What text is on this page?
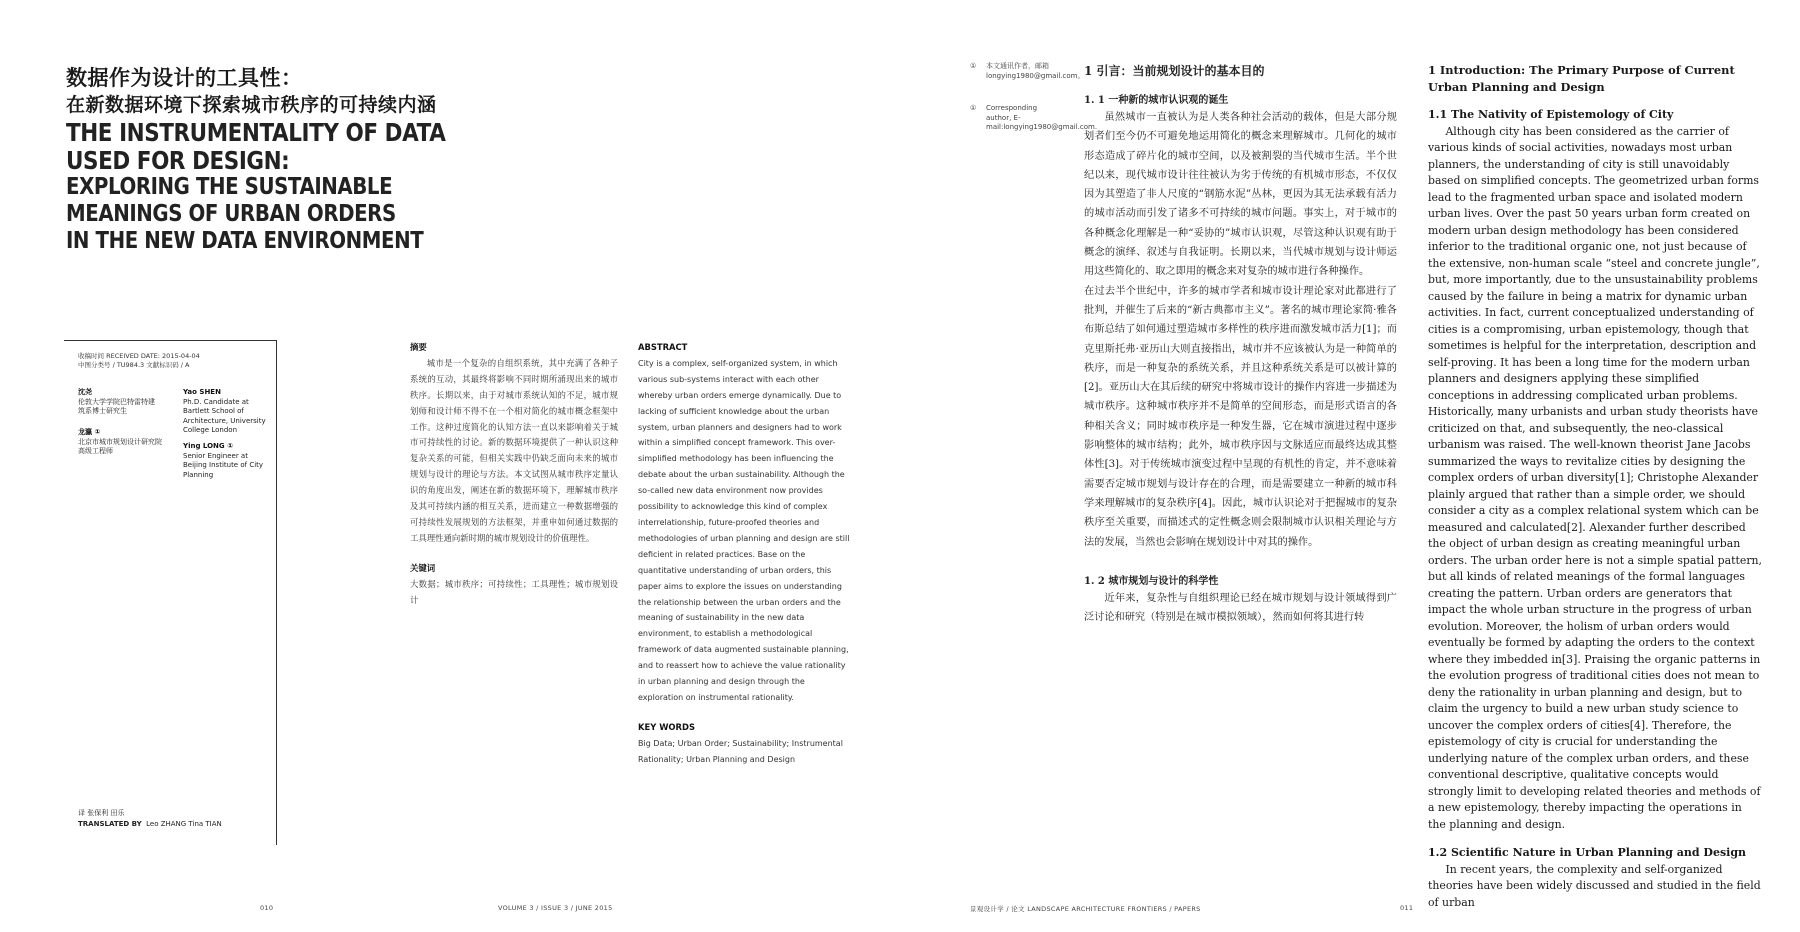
数据作为设计的工具性：
在新数据环境下探索城市秩序的可持续内涵
THE INSTRUMENTALITY OF DATA
USED FOR DESIGN:
EXPLORING THE SUSTAINABLE
MEANINGS OF URBAN ORDERS
IN THE NEW DATA ENVIRONMENT
收稿时间 RECEIVED DATE: 2015-04-04
中图分类号 / TU984.3 文献标识码 / A
沈尧
伦敦大学学院巴特雷特建筑系博士研究生
Yao SHEN
Ph.D. Candidate at Bartlett School of Architecture, University College London
龙瀛 ①
北京市城市规划设计研究院高级工程师
Ying LONG ①
Senior Engineer at Beijing Institute of City Planning
译 张保利 田乐
TRANSLATED BY Leo ZHANG Tina TIAN
摘要
城市是一个复杂的自组织系统，其中充满了各种子系统的互动，其最终将影响不同时期所涌现出来的城市秩序。长期以来，由于对城市系统认知的不足，城市规划师和设计师不得不在一个相对简化的城市概念框架中工作。这种过度简化的认知方法一直以来影响着关于城市可持续性的讨论。新的数据环境提供了一种认识这种复杂关系的可能，但相关实践中仍缺乏面向未来的城市规划与设计的理论与方法。本文试图从城市秩序定量认识的角度出发，阐述在新的数据环境下，理解城市秩序及其可持续内涵的相互关系，进而建立一种数据增强的可持续性发展规划的方法框架，并重申如何通过数据的工具理性通向新时期的城市规划设计的价值理性。
关键词
大数据；城市秩序；可持续性；工具理性；城市规划设计
ABSTRACT
City is a complex, self-organized system, in which various sub-systems interact with each other whereby urban orders emerge dynamically. Due to lacking of sufficient knowledge about the urban system, urban planners and designers had to work within a simplified concept framework. This over-simplified methodology has been influencing the debate about the urban sustainability. Although the so-called new data environment now provides possibility to acknowledge this kind of complex interrelationship, future-proofed theories and methodologies of urban planning and design are still deficient in related practices. Base on the quantitative understanding of urban orders, this paper aims to explore the issues on understanding the relationship between the urban orders and the meaning of sustainability in the new data environment, to establish a methodological framework of data augmented sustainable planning, and to reassert how to achieve the value rationality in urban planning and design through the exploration on instrumental rationality.
KEY WORDS
Big Data; Urban Order; Sustainability; Instrumental Rationality; Urban Planning and Design
010	VOLUME 3 / ISSUE 3 / JUNE 2015
① 本文通讯作者，邮箱longying1980@gmail.com。
① Corresponding author, E-mail:longying1980@gmail.com.
1 引言：当前规划设计的基本目的
1. 1 一种新的城市认识观的诞生

虽然城市一直被认为是人类各种社会活动的载体，但是大部分规划者们至今仍不可避免地运用简化的概念来理解城市。几何化的城市形态造成了碎片化的城市空间，以及被割裂的当代城市生活。半个世纪以来，现代城市设计往往被认为劣于传统的有机城市形态，不仅仅因为其塑造了非人尺度的“钢筋水泥”丛林，更因为其无法承载有活力的城市活动而引发了诸多不可持续的城市问题。事实上，对于城市的各种概念化理解是一种“妥协的”城市认识观，尽管这种认识观有助于概念的演绎、叙述与自我证明。长期以来，当代城市规划与设计师运用这些简化的、取之即用的概念来对复杂的城市进行各种操作。

在过去半个世纪中，许多的城市学者和城市设计理论家对此都进行了批判，并催生了后来的“新古典都市主义”。著名的城市理论家简·雅各布斯总结了如何通过塑造城市多样性的秩序进而激发城市活力[1]；而克里斯托弗·亚历山大则直接指出，城市并不应该被认为是一种简单的秩序，而是一种复杂的系统关系，并且这种系统关系是可以被计算的[2]。亚历山大在其后续的研究中将城市设计的操作内容进一步描述为城市秩序。这种城市秩序并不是简单的空间形态，而是形式语言的各种相关含义；同时城市秩序是一种发生器，它在城市演进过程中逐步影响整体的城市结构；此外，城市秩序因与文脉适应而最终达成其整体性[3]。对于传统城市演变过程中呈现的有机性的肯定，并不意味着需要否定城市规划与设计存在的合理，而是需要建立一种新的城市科学来理解城市的复杂秩序[4]。因此，城市认识论对于把握城市的复杂秩序至关重要，而描述式的定性概念则会限制城市认识相关理论与方法的发展，当然也会影响在规划设计中对其的操作。

1. 2 城市规划与设计的科学性

近年来，复杂性与自组织理论已经在城市规划与设计领域得到广泛讨论和研究（特别是在城市模拟领域），然而如何将其进行转

1 Introduction: The Primary Purpose of Current Urban Planning and Design
1.1 The Nativity of Epistemology of City

Although city has been considered as the carrier of various kinds of social activities, nowadays most urban planners, the understanding of city is still unavoidably based on simplified concepts. The geometrized urban forms lead to the fragmented urban space and isolated modern urban lives. Over the past 50 years urban form created on modern urban design methodology has been considered inferior to the traditional organic one, not just because of the extensive, non-human scale “steel and concrete jungle”, but, more importantly, due to the unsustainability problems caused by the failure in being a matrix for dynamic urban activities. In fact, current conceptualized understanding of cities is a compromising, urban epistemology, though that sometimes is helpful for the interpretation, description and self-proving. It has been a long time for the modern urban planners and designers applying these simplified conceptions in addressing complicated urban problems. Historically, many urbanists and urban study theorists have criticized on that, and subsequently, the neo-classical urbanism was raised. The well-known theorist Jane Jacobs summarized the ways to revitalize cities by designing the complex orders of urban diversity[1]; Christophe Alexander plainly argued that rather than a simple order, we should consider a city as a complex relational system which can be measured and calculated[2]. Alexander further described the object of urban design as creating meaningful urban orders. The urban order here is not a simple spatial pattern, but all kinds of related meanings of the formal languages creating the pattern. Urban orders are generators that impact the whole urban structure in the progress of urban evolution. Moreover, the holism of urban orders would eventually be formed by adapting the orders to the context where they imbedded in[3]. Praising the organic patterns in the evolution progress of traditional cities does not mean to deny the rationality in urban planning and design, but to claim the urgency to build a new urban study science to uncover the complex orders of cities[4]. Therefore, the epistemology of city is crucial for understanding the underlying nature of the complex urban orders, and these conventional descriptive, qualitative concepts would strongly limit to developing related theories and methods of a new epistemology, thereby impacting the operations in the planning and design.

1.2 Scientific Nature in Urban Planning and Design

In recent years, the complexity and self-organized theories have been widely discussed and studied in the field of urban

景观设计学 / 论文 LANDSCAPE ARCHITECTURE FRONTIERS / PAPERS	011
